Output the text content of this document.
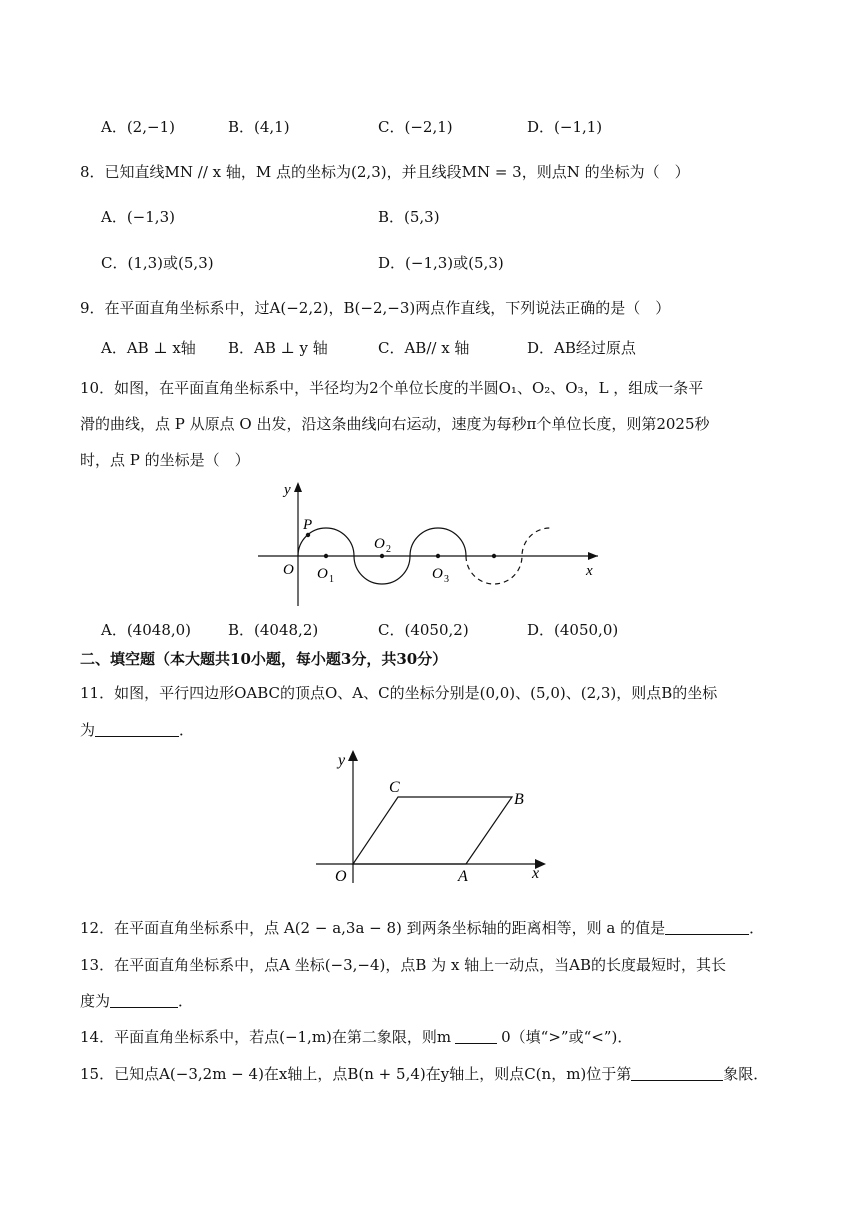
A．(2,−1)	B．(4,1)	C．(−2,1)	D．(−1,1)
8．已知直线MN // x 轴，M 点的坐标为(2,3)，并且线段MN = 3，则点N 的坐标为（　）
A．(−1,3)	B．(5,3)
C．(1,3)或(5,3)	D．(−1,3)或(5,3)
9．在平面直角坐标系中，过A(−2,2)，B(−2,−3)两点作直线，下列说法正确的是（　）
A．AB ⊥ x轴 B．AB ⊥ y 轴	C．AB// x 轴	D．AB经过原点
10．如图，在平面直角坐标系中，半径均为2个单位长度的半圆O₁、O₂、O₃，L ，组成一条平
滑的曲线，点 P 从原点 O 出发，沿这条曲线向右运动，速度为每秒π个单位长度，则第2025秒
时，点 P 的坐标是（　）
y
x
O
P
O 1
O 2
O 3
A．(4048,0) B．(4048,2)	C．(4050,2)	D．(4050,0)
二、填空题（本大题共10小题，每小题3分，共30分）
11．如图，平行四边形OABC的顶点O、A、C的坐标分别是(0,0)、(5,0)、(2,3)，则点B的坐标
为	．
y
x
O	A
B
C
12．在平面直角坐标系中，点 A(2 − a,3a − 8) 到两条坐标轴的距离相等，则 a 的值是	．
13．在平面直角坐标系中，点A 坐标(−3,−4)，点B 为 x 轴上一动点，当AB的长度最短时，其长
度为	．
14．平面直角坐标系中，若点(−1,m)在第二象限，则m	0（填“>”或“<”)．
15．已知点A(−3,2m − 4)在x轴上，点B(n + 5,4)在y轴上，则点C(n，m)位于第	象限．
